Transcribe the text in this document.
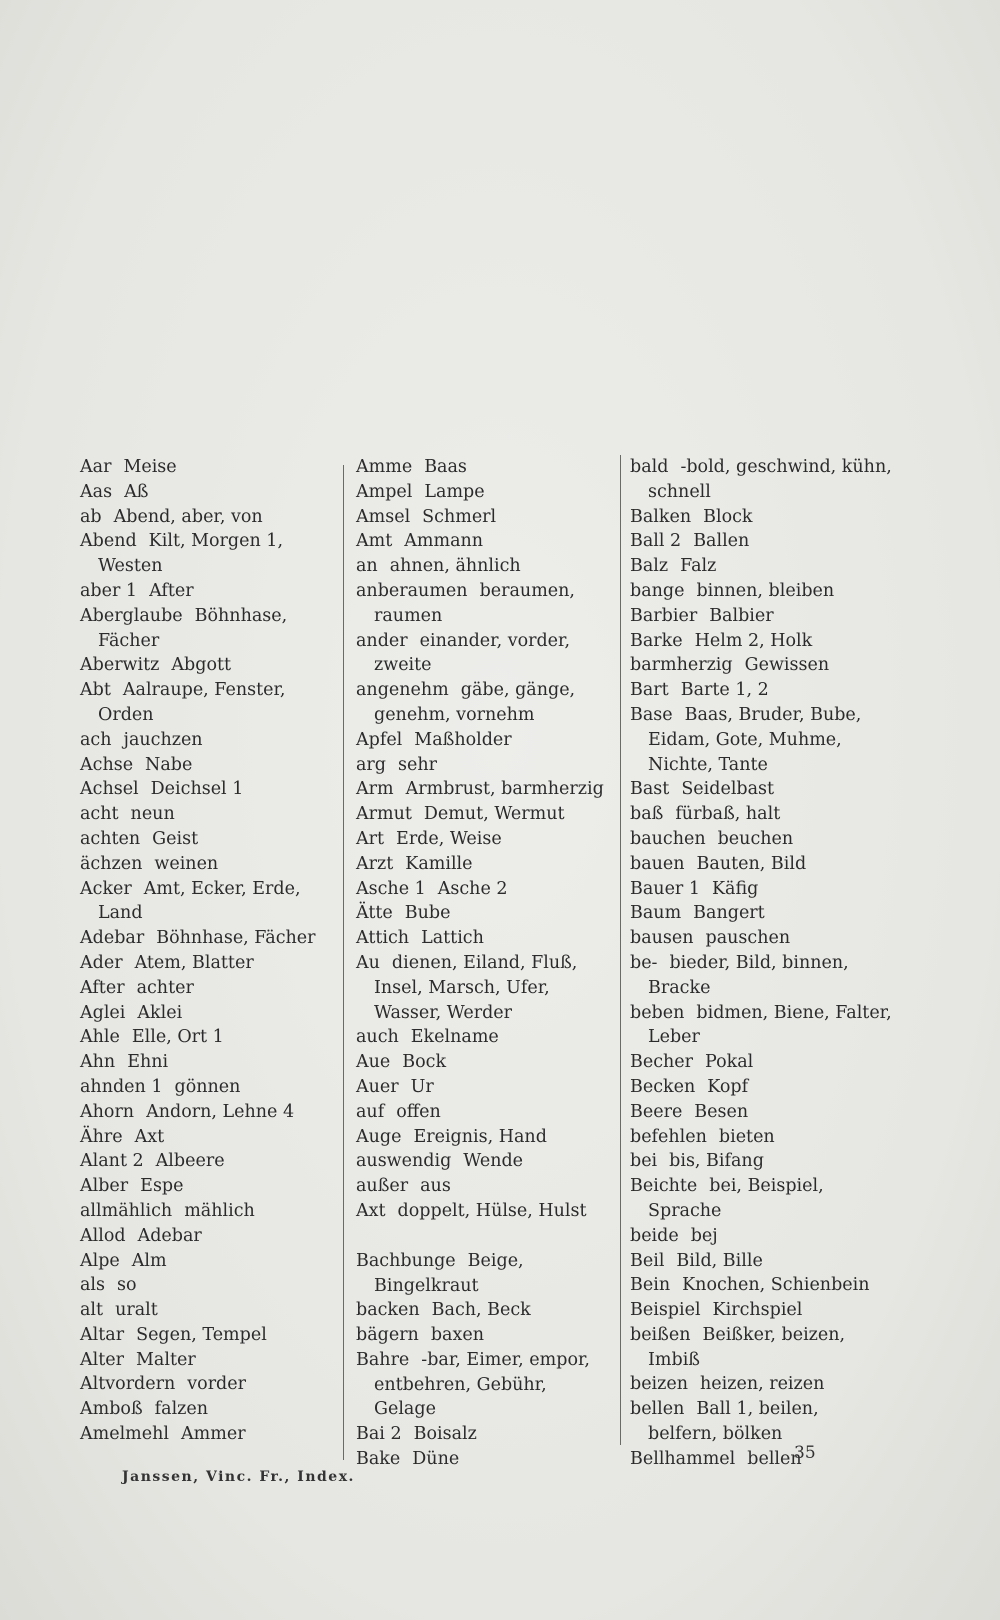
Aar Meise
Aas Aß
ab Abend, aber, von
Abend Kilt, Morgen 1, Westen
aber 1 After
Aberglaube Böhnhase, Fächer
Aberwitz Abgott
Abt Aalraupe, Fenster, Orden
ach jauchzen
Achse Nabe
Achsel Deichsel 1
acht neun
achten Geist
ächzen weinen
Acker Amt, Ecker, Erde, Land
Adebar Böhnhase, Fächer
Ader Atem, Blatter
After achter
Aglei Aklei
Ahle Elle, Ort 1
Ahn Ehni
ahnden 1 gönnen
Ahorn Andorn, Lehne 4
Ähre Axt
Alant 2 Albeere
Alber Espe
allmählich mählich
Allod Adebar
Alpe Alm
als so
alt uralt
Altar Segen, Tempel
Alter Malter
Altvordern vorder
Amboß falzen
Amelmehl Ammer
Amme Baas
Ampel Lampe
Amsel Schmerl
Amt Ammann
an ahnen, ähnlich
anberaumen beraumen, raumen
ander einander, vorder, zweite
angenehm gäbe, gänge, genehm, vornehm
Apfel Maßholder
arg sehr
Arm Armbrust, barmherzig
Armut Demut, Wermut
Art Erde, Weise
Arzt Kamille
Asche 1 Asche 2
Ätte Bube
Attich Lattich
Au dienen, Eiland, Fluß, Insel, Marsch, Ufer, Wasser, Werder
auch Ekelname
Aue Bock
Auer Ur
auf offen
Auge Ereignis, Hand
auswendig Wende
außer aus
Axt doppelt, Hülse, Hulst
Bachbunge Beige, Bingelkraut
backen Bach, Beck
bägern baxen
Bahre -bar, Eimer, empor, entbehren, Gebühr, Gelage
Bai 2 Boisalz
Bake Düne
bald -bold, geschwind, kühn, schnell
Balken Block
Ball 2 Ballen
Balz Falz
bange binnen, bleiben
Barbier Balbier
Barke Helm 2, Holk
barmherzig Gewissen
Bart Barte 1, 2
Base Baas, Bruder, Bube, Eidam, Gote, Muhme, Nichte, Tante
Bast Seidelbast
baß fürbaß, halt
bauchen beuchen
bauen Bauten, Bild
Bauer 1 Käfig
Baum Bangert
bausen pauschen
be- bieder, Bild, binnen, Bracke
beben bidmen, Biene, Falter, Leber
Becher Pokal
Becken Kopf
Beere Besen
befehlen bieten
bei bis, Bifang
Beichte bei, Beispiel, Sprache
beide bej
Beil Bild, Bille
Bein Knochen, Schienbein
Beispiel Kirchspiel
beißen Beißker, beizen, Imbiß
beizen heizen, reizen
bellen Ball 1, beilen, belfern, bölken
Bellhammel bellen
Janssen, Vinc. Fr., Index.
35
